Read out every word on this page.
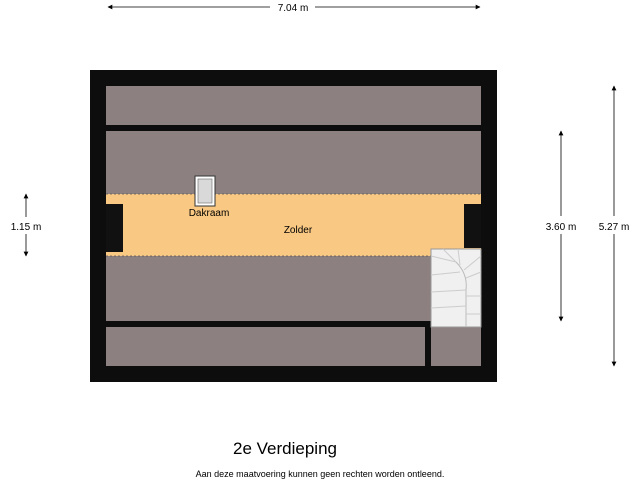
Dakraam
Zolder
7.04 m
1.15 m	3.60 m 5.27 m
2e Verdieping
Aan deze maatvoering kunnen geen rechten worden ontleend.
